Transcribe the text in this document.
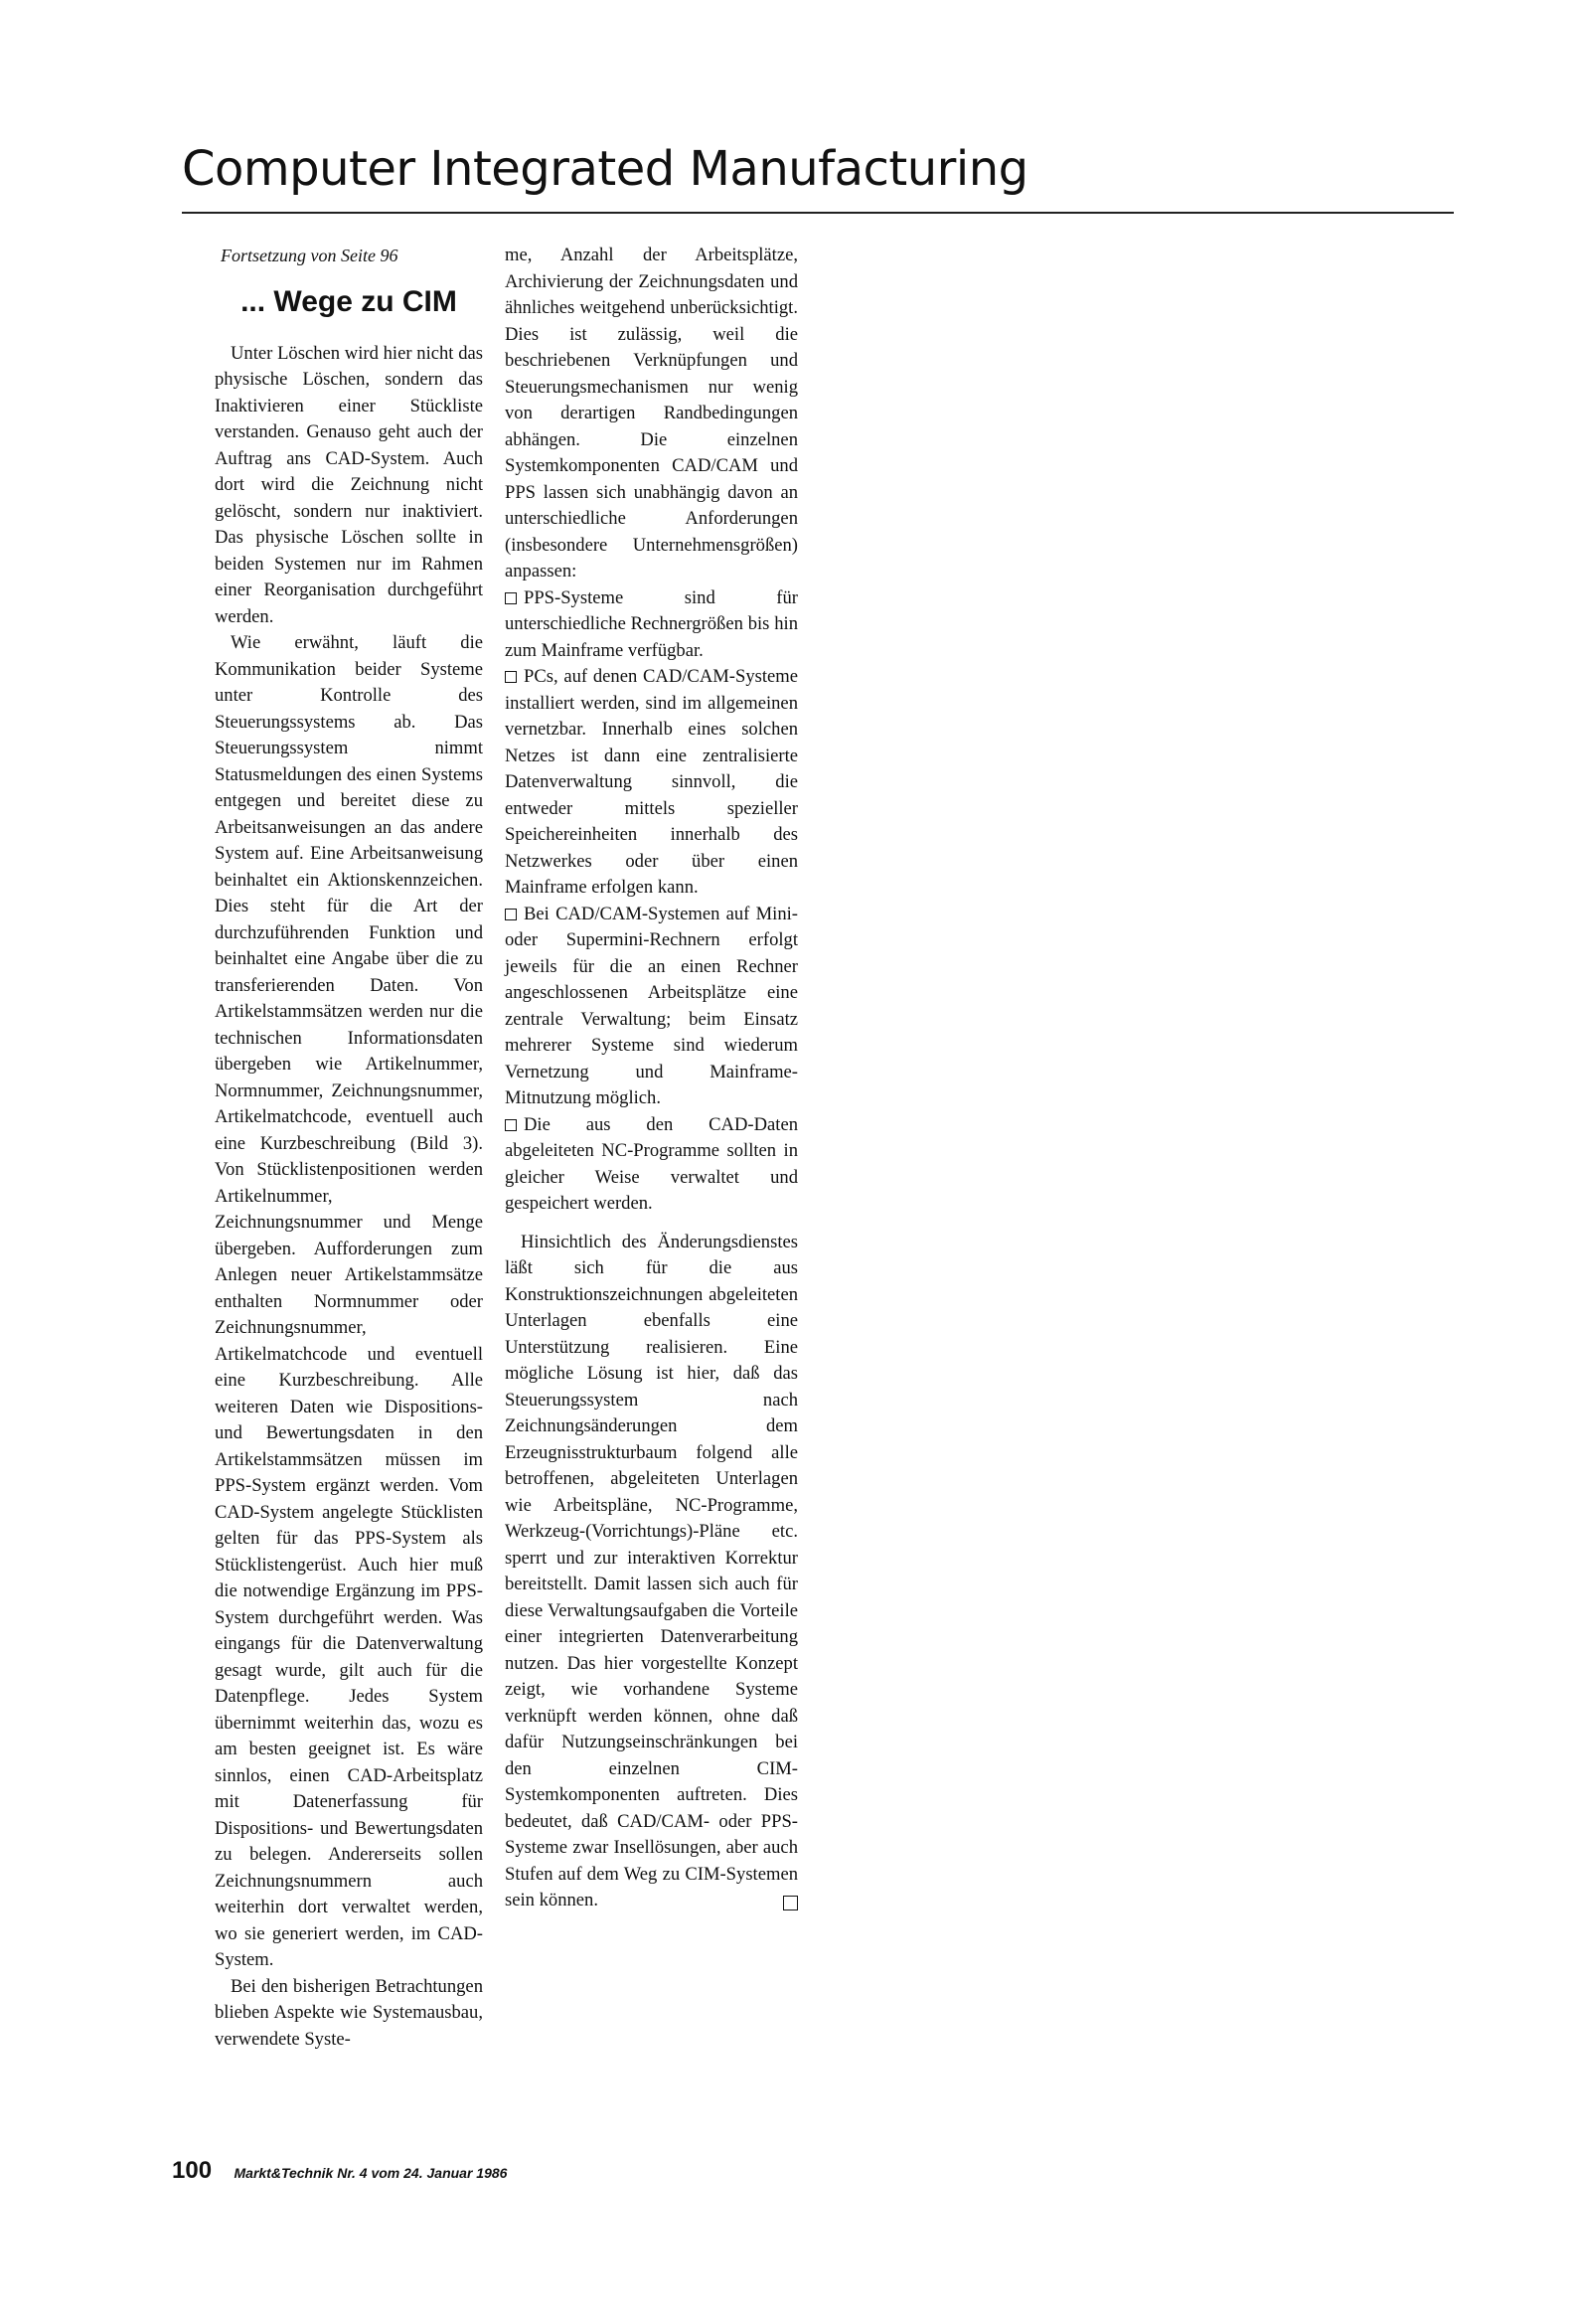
Computer Integrated Manufacturing
Fortsetzung von Seite 96
... Wege zu CIM

Unter Löschen wird hier nicht das physische Löschen, sondern das Inaktivieren einer Stückliste verstanden. Genauso geht auch der Auftrag ans CAD-System. Auch dort wird die Zeichnung nicht gelöscht, sondern nur inaktiviert. Das physische Löschen sollte in beiden Systemen nur im Rahmen einer Reorganisation durchgeführt werden.

Wie erwähnt, läuft die Kommunikation beider Systeme unter Kontrolle des Steuerungssystems ab. Das Steuerungssystem nimmt Statusmeldungen des einen Systems entgegen und bereitet diese zu Arbeitsanweisungen an das andere System auf. Eine Arbeitsanweisung beinhaltet ein Aktionskennzeichen. Dies steht für die Art der durchzuführenden Funktion und beinhaltet eine Angabe über die zu transferierenden Daten. Von Artikelstammsätzen werden nur die technischen Informationsdaten übergeben wie Artikelnummer, Normnummer, Zeichnungsnummer, Artikelmatchcode, eventuell auch eine Kurzbeschreibung (Bild 3). Von Stücklistenpositionen werden Artikelnummer, Zeichnungsnummer und Menge übergeben. Aufforderungen zum Anlegen neuer Artikelstammsätze enthalten Normnummer oder Zeichnungsnummer, Artikelmatchcode und eventuell eine Kurzbeschreibung. Alle weiteren Daten wie Dispositions- und Bewertungsdaten in den Artikelstammsätzen müssen im PPS-System ergänzt werden. Vom CAD-System angelegte Stücklisten gelten für das PPS-System als Stücklistengerüst. Auch hier muß die notwendige Ergänzung im PPS-System durchgeführt werden. Was eingangs für die Datenverwaltung gesagt wurde, gilt auch für die Datenpflege. Jedes System übernimmt weiterhin das, wozu es am besten geeignet ist. Es wäre sinnlos, einen CAD-Arbeitsplatz mit Datenerfassung für Dispositions- und Bewertungsdaten zu belegen. Andererseits sollen Zeichnungsnummern auch weiterhin dort verwaltet werden, wo sie generiert werden, im CAD-System.

Bei den bisherigen Betrachtungen blieben Aspekte wie Systemausbau, verwendete Syste-

me, Anzahl der Arbeitsplätze, Archivierung der Zeichnungsdaten und ähnliches weitgehend unberücksichtigt. Dies ist zulässig, weil die beschriebenen Verknüpfungen und Steuerungsmechanismen nur wenig von derartigen Randbedingungen abhängen. Die einzelnen Systemkomponenten CAD/CAM und PPS lassen sich unabhängig davon an unterschiedliche Anforderungen (insbesondere Unternehmensgrößen) anpassen:

PPS-Systeme sind für unterschiedliche Rechnergrößen bis hin zum Mainframe verfügbar.
PCs, auf denen CAD/CAM-Systeme installiert werden, sind im allgemeinen vernetzbar. Innerhalb eines solchen Netzes ist dann eine zentralisierte Datenverwaltung sinnvoll, die entweder mittels spezieller Speichereinheiten innerhalb des Netzwerkes oder über einen Mainframe erfolgen kann.
Bei CAD/CAM-Systemen auf Mini- oder Supermini-Rechnern erfolgt jeweils für die an einen Rechner angeschlossenen Arbeitsplätze eine zentrale Verwaltung; beim Einsatz mehrerer Systeme sind wiederum Vernetzung und Mainframe-Mitnutzung möglich.
Die aus den CAD-Daten abgeleiteten NC-Programme sollten in gleicher Weise verwaltet und gespeichert werden.

Hinsichtlich des Änderungsdienstes läßt sich für die aus Konstruktionszeichnungen abgeleiteten Unterlagen ebenfalls eine Unterstützung realisieren. Eine mögliche Lösung ist hier, daß das Steuerungssystem nach Zeichnungsänderungen dem Erzeugnisstrukturbaum folgend alle betroffenen, abgeleiteten Unterlagen wie Arbeitspläne, NC-Programme, Werkzeug-(Vorrichtungs)-Pläne etc. sperrt und zur interaktiven Korrektur bereitstellt. Damit lassen sich auch für diese Verwaltungsaufgaben die Vorteile einer integrierten Datenverarbeitung nutzen. Das hier vorgestellte Konzept zeigt, wie vorhandene Systeme verknüpft werden können, ohne daß dafür Nutzungseinschränkungen bei den einzelnen CIM-Systemkomponenten auftreten. Dies bedeutet, daß CAD/CAM- oder PPS-Systeme zwar Insellösungen, aber auch Stufen auf dem Weg zu CIM-Systemen sein können.

100 Markt&Technik Nr. 4 vom 24. Januar 1986
